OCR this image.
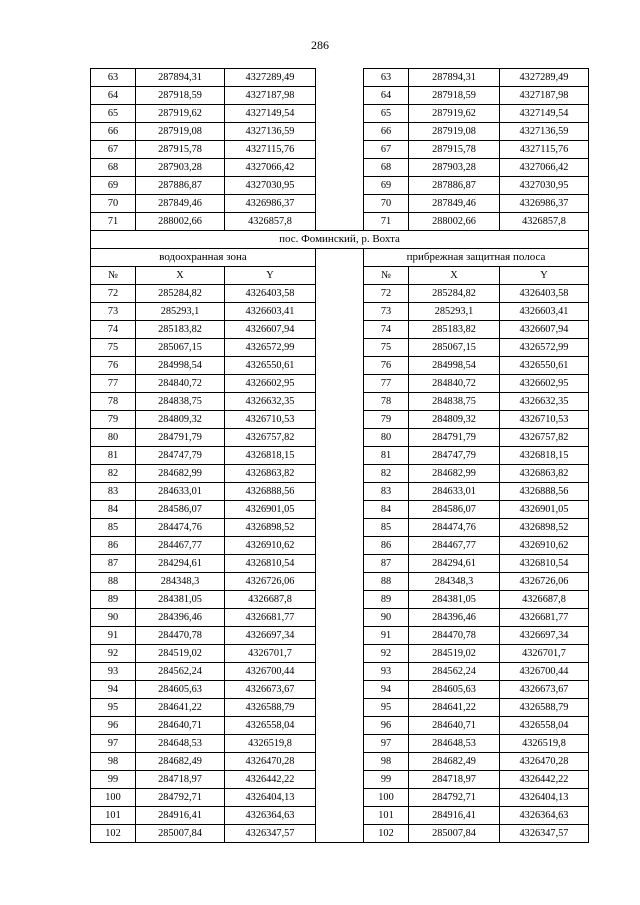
286
63	287894,31	4327289,49		63	287894,31	4327289,49
64	287918,59	4327187,98		64	287918,59	4327187,98
65	287919,62	4327149,54		65	287919,62	4327149,54
66	287919,08	4327136,59		66	287919,08	4327136,59
67	287915,78	4327115,76		67	287915,78	4327115,76
68	287903,28	4327066,42		68	287903,28	4327066,42
69	287886,87	4327030,95		69	287886,87	4327030,95
70	287849,46	4326986,37		70	287849,46	4326986,37
71	288002,66	4326857,8		71	288002,66	4326857,8
пос. Фоминский, р. Вохта						
водоохранная зона				прибрежная защитная полоса		
№	X	Y		№	X	Y
72	285284,82	4326403,58		72	285284,82	4326403,58
73	285293,1	4326603,41		73	285293,1	4326603,41
74	285183,82	4326607,94		74	285183,82	4326607,94
75	285067,15	4326572,99		75	285067,15	4326572,99
76	284998,54	4326550,61		76	284998,54	4326550,61
77	284840,72	4326602,95		77	284840,72	4326602,95
78	284838,75	4326632,35		78	284838,75	4326632,35
79	284809,32	4326710,53		79	284809,32	4326710,53
80	284791,79	4326757,82		80	284791,79	4326757,82
81	284747,79	4326818,15		81	284747,79	4326818,15
82	284682,99	4326863,82		82	284682,99	4326863,82
83	284633,01	4326888,56		83	284633,01	4326888,56
84	284586,07	4326901,05		84	284586,07	4326901,05
85	284474,76	4326898,52		85	284474,76	4326898,52
86	284467,77	4326910,62		86	284467,77	4326910,62
87	284294,61	4326810,54		87	284294,61	4326810,54
88	284348,3	4326726,06		88	284348,3	4326726,06
89	284381,05	4326687,8		89	284381,05	4326687,8
90	284396,46	4326681,77		90	284396,46	4326681,77
91	284470,78	4326697,34		91	284470,78	4326697,34
92	284519,02	4326701,7		92	284519,02	4326701,7
93	284562,24	4326700,44		93	284562,24	4326700,44
94	284605,63	4326673,67		94	284605,63	4326673,67
95	284641,22	4326588,79		95	284641,22	4326588,79
96	284640,71	4326558,04		96	284640,71	4326558,04
97	284648,53	4326519,8		97	284648,53	4326519,8
98	284682,49	4326470,28		98	284682,49	4326470,28
99	284718,97	4326442,22		99	284718,97	4326442,22
100	284792,71	4326404,13		100	284792,71	4326404,13
101	284916,41	4326364,63		101	284916,41	4326364,63
102	285007,84	4326347,57		102	285007,84	4326347,57
